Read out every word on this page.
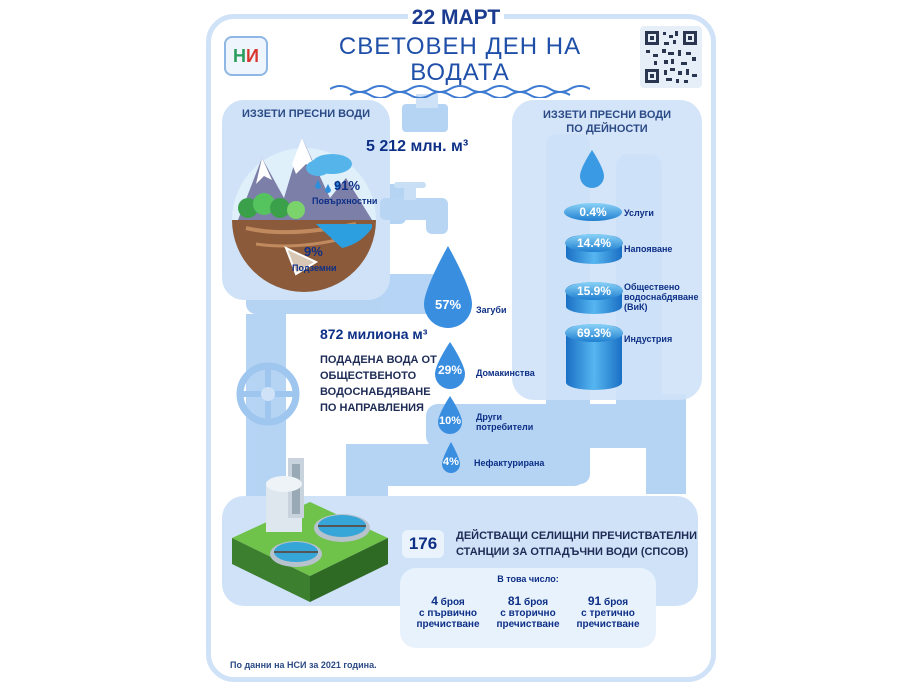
22 МАРТ
НИ	СВЕТОВЕН ДЕН НА
ВОДАТА
ИЗЗЕТИ ПРЕСНИ ВОДИ
91%
Повърхностни
9%
Подземни
5 212 млн. м³
ИЗЗЕТИ ПРЕСНИ ВОДИ
ПО ДЕЙНОСТИ
0.4%	Услуги
14.4%	Напояване
15.9%	Обществено водоснабдяване (ВиК)
69.3%	Индустрия
872 милиона м³
ПОДАДЕНА ВОДА ОТ
ОБЩЕСТВЕНОТО
ВОДОСНАБДЯВАНЕ
ПО НАПРАВЛЕНИЯ
57%	Загуби
29%	Домакинства
10%	Други потребители
4%	Нефактурирана
176	ДЕЙСТВАЩИ СЕЛИЩНИ ПРЕЧИСТВАТЕЛНИ
СТАНЦИИ ЗА ОТПАДЪЧНИ ВОДИ (СПСОВ)
В това число:
4 броя
с първично
пречистване
81 броя
с вторично
пречистване
91 броя
с третично
пречистване
По данни на НСИ за 2021 година.
